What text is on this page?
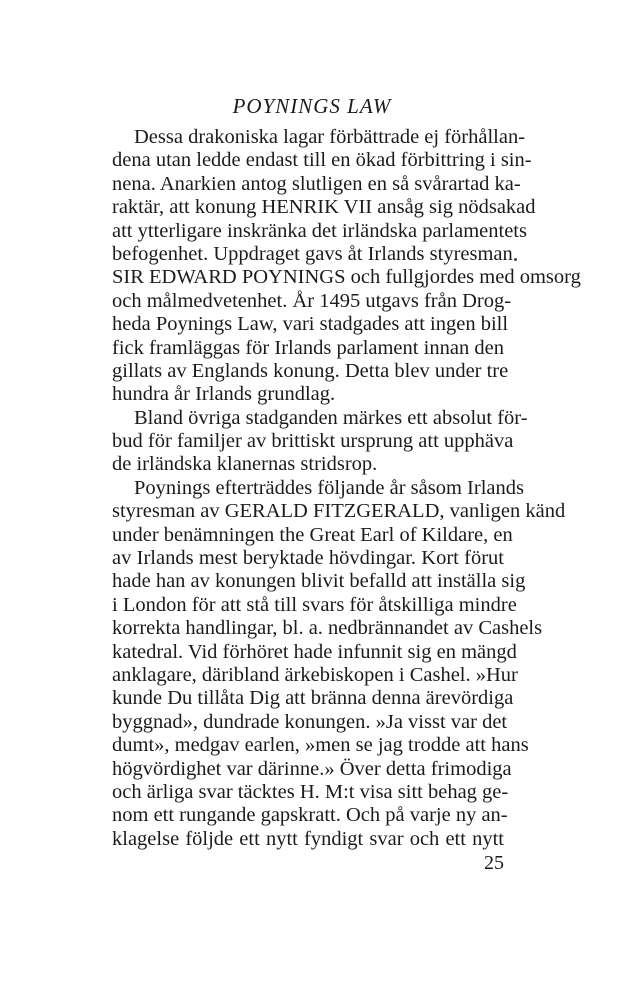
POYNINGS LAW
Dessa drakoniska lagar förbättrade ej förhållan-
dena utan ledde endast till en ökad förbittring i sin-
nena. Anarkien antog slutligen en så svårartad ka-
raktär, att konung HENRIK VII ansåg sig nödsakad
att ytterligare inskränka det irländska parlamentets
befogenhet. Uppdraget gavs åt Irlands styresman
SIR EDWARD POYNINGS och fullgjordes med omsorg
och målmedvetenhet. År 1495 utgavs från Drog-
heda Poynings Law, vari stadgades att ingen bill
fick framläggas för Irlands parlament innan den
gillats av Englands konung. Detta blev under tre
hundra år Irlands grundlag.
Bland övriga stadganden märkes ett absolut för-
bud för familjer av brittiskt ursprung att upphäva
de irländska klanernas stridsrop.
Poynings efterträddes följande år såsom Irlands
styresman av GERALD FITZGERALD, vanligen känd
under benämningen the Great Earl of Kildare, en
av Irlands mest beryktade hövdingar. Kort förut
hade han av konungen blivit befalld att inställa sig
i London för att stå till svars för åtskilliga mindre
korrekta handlingar, bl. a. nedbrännandet av Cashels
katedral. Vid förhöret hade infunnit sig en mängd
anklagare, däribland ärkebiskopen i Cashel. »Hur
kunde Du tillåta Dig att bränna denna ärevördiga
byggnad», dundrade konungen. »Ja visst var det
dumt», medgav earlen, »men se jag trodde att hans
högvördighet var därinne.» Över detta frimodiga
och ärliga svar täcktes H. M:t visa sitt behag ge-
nom ett rungande gapskratt. Och på varje ny an-
klagelse följde ett nytt fyndigt svar och ett nytt
25
